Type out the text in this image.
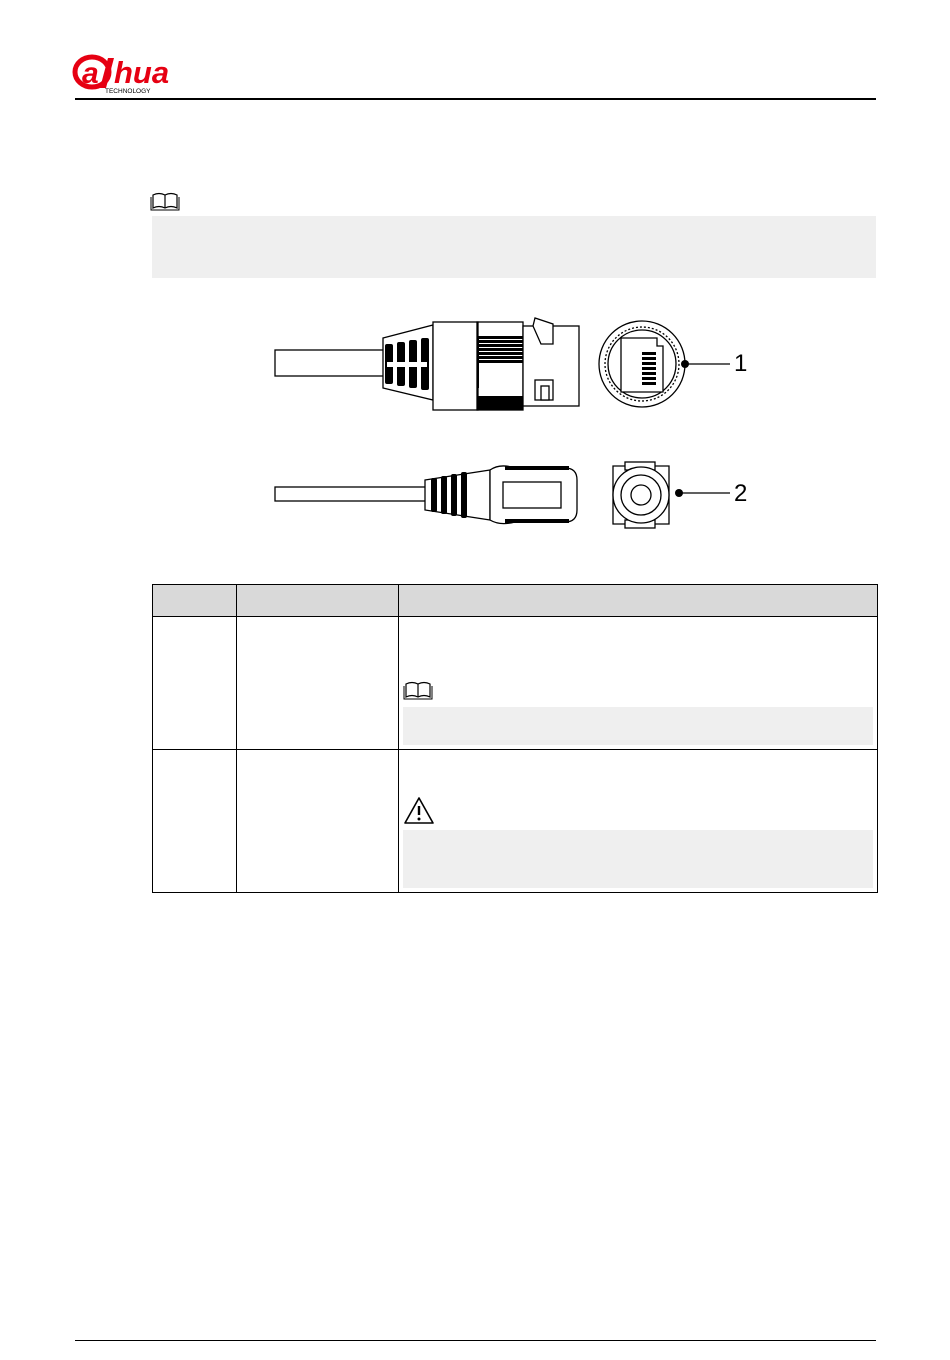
a hua
TECHNOLOGY
1
2
